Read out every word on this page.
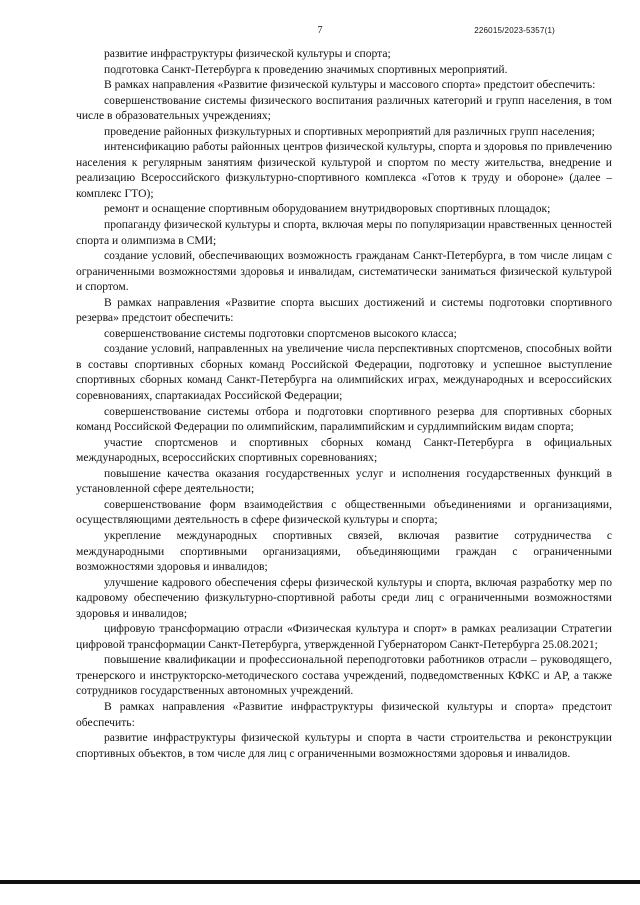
7	226015/2023-5357(1)

развитие инфраструктуры физической культуры и спорта;

подготовка Санкт-Петербурга к проведению значимых спортивных мероприятий.

В рамках направления «Развитие физической культуры и массового спорта» предстоит обеспечить:

совершенствование системы физического воспитания различных категорий и групп населения, в том числе в образовательных учреждениях;

проведение районных физкультурных и спортивных мероприятий для различных групп населения;

интенсификацию работы районных центров физической культуры, спорта и здоровья по привлечению населения к регулярным занятиям физической культурой и спортом по месту жительства, внедрение и реализацию Всероссийского физкультурно-спортивного комплекса «Готов к труду и обороне» (далее – комплекс ГТО);

ремонт и оснащение спортивным оборудованием внутридворовых спортивных площадок;

пропаганду физической культуры и спорта, включая меры по популяризации нравственных ценностей спорта и олимпизма в СМИ;

создание условий, обеспечивающих возможность гражданам Санкт-Петербурга, в том числе лицам с ограниченными возможностями здоровья и инвалидам, систематически заниматься физической культурой и спортом.

В рамках направления «Развитие спорта высших достижений и системы подготовки спортивного резерва» предстоит обеспечить:

совершенствование системы подготовки спортсменов высокого класса;

создание условий, направленных на увеличение числа перспективных спортсменов, способных войти в составы спортивных сборных команд Российской Федерации, подготовку и успешное выступление спортивных сборных команд Санкт-Петербурга на олимпийских играх, международных и всероссийских соревнованиях, спартакиадах Российской Федерации;

совершенствование системы отбора и подготовки спортивного резерва для спортивных сборных команд Российской Федерации по олимпийским, паралимпийским и сурдлимпийским видам спорта;

участие спортсменов и спортивных сборных команд Санкт-Петербурга в официальных международных, всероссийских спортивных соревнованиях;

повышение качества оказания государственных услуг и исполнения государственных функций в установленной сфере деятельности;

совершенствование форм взаимодействия с общественными объединениями и организациями, осуществляющими деятельность в сфере физической культуры и спорта;

укрепление международных спортивных связей, включая развитие сотрудничества с международными спортивными организациями, объединяющими граждан с ограниченными возможностями здоровья и инвалидов;

улучшение кадрового обеспечения сферы физической культуры и спорта, включая разработку мер по кадровому обеспечению физкультурно-спортивной работы среди лиц с ограниченными возможностями здоровья и инвалидов;

цифровую трансформацию отрасли «Физическая культура и спорт» в рамках реализации Стратегии цифровой трансформации Санкт-Петербурга, утвержденной Губернатором Санкт-Петербурга 25.08.2021;

повышение квалификации и профессиональной переподготовки работников отрасли – руководящего, тренерского и инструкторско-методического состава учреждений, подведомственных КФКС и АР, а также сотрудников государственных автономных учреждений.

В рамках направления «Развитие инфраструктуры физической культуры и спорта» предстоит обеспечить:

развитие инфраструктуры физической культуры и спорта в части строительства и реконструкции спортивных объектов, в том числе для лиц с ограниченными возможностями здоровья и инвалидов.
